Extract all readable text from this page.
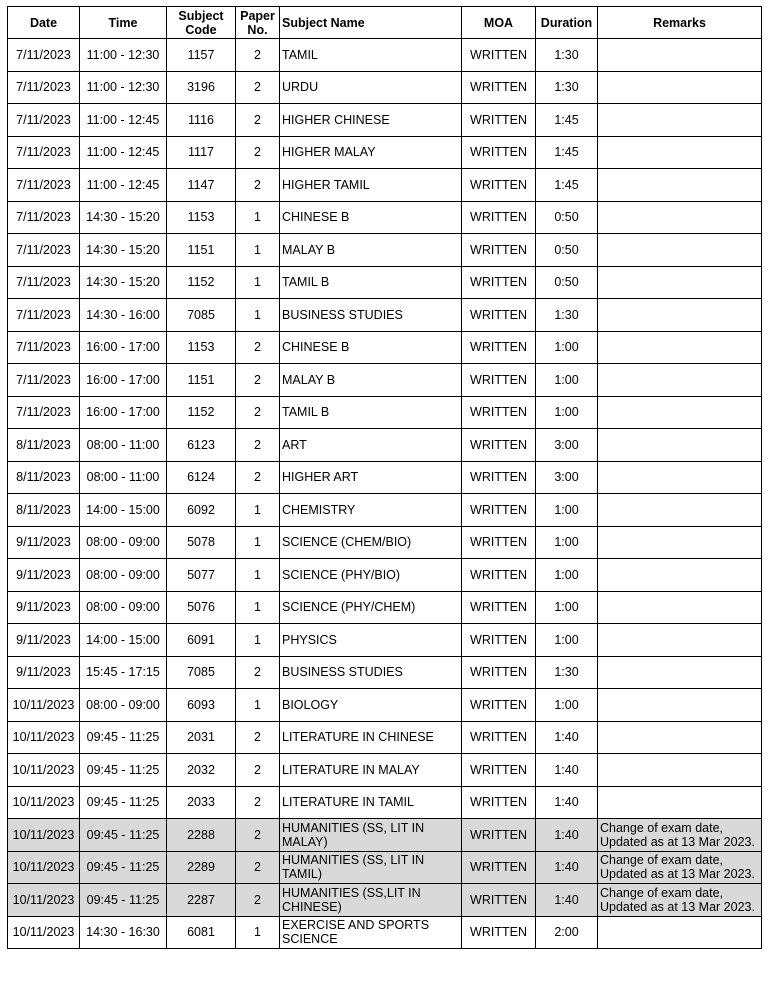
Date	Time	Subject Code	Paper No.	Subject Name	MOA	Duration	Remarks
7/11/2023	11:00 - 12:30	1157	2	TAMIL	WRITTEN	1:30	
7/11/2023	11:00 - 12:30	3196	2	URDU	WRITTEN	1:30	
7/11/2023	11:00 - 12:45	1116	2	HIGHER CHINESE	WRITTEN	1:45	
7/11/2023	11:00 - 12:45	1117	2	HIGHER MALAY	WRITTEN	1:45	
7/11/2023	11:00 - 12:45	1147	2	HIGHER TAMIL	WRITTEN	1:45	
7/11/2023	14:30 - 15:20	1153	1	CHINESE B	WRITTEN	0:50	
7/11/2023	14:30 - 15:20	1151	1	MALAY B	WRITTEN	0:50	
7/11/2023	14:30 - 15:20	1152	1	TAMIL B	WRITTEN	0:50	
7/11/2023	14:30 - 16:00	7085	1	BUSINESS STUDIES	WRITTEN	1:30	
7/11/2023	16:00 - 17:00	1153	2	CHINESE B	WRITTEN	1:00	
7/11/2023	16:00 - 17:00	1151	2	MALAY B	WRITTEN	1:00	
7/11/2023	16:00 - 17:00	1152	2	TAMIL B	WRITTEN	1:00	
8/11/2023	08:00 - 11:00	6123	2	ART	WRITTEN	3:00	
8/11/2023	08:00 - 11:00	6124	2	HIGHER ART	WRITTEN	3:00	
8/11/2023	14:00 - 15:00	6092	1	CHEMISTRY	WRITTEN	1:00	
9/11/2023	08:00 - 09:00	5078	1	SCIENCE (CHEM/BIO)	WRITTEN	1:00	
9/11/2023	08:00 - 09:00	5077	1	SCIENCE (PHY/BIO)	WRITTEN	1:00	
9/11/2023	08:00 - 09:00	5076	1	SCIENCE (PHY/CHEM)	WRITTEN	1:00	
9/11/2023	14:00 - 15:00	6091	1	PHYSICS	WRITTEN	1:00	
9/11/2023	15:45 - 17:15	7085	2	BUSINESS STUDIES	WRITTEN	1:30	
10/11/2023	08:00 - 09:00	6093	1	BIOLOGY	WRITTEN	1:00	
10/11/2023	09:45 - 11:25	2031	2	LITERATURE IN CHINESE	WRITTEN	1:40	
10/11/2023	09:45 - 11:25	2032	2	LITERATURE IN MALAY	WRITTEN	1:40	
10/11/2023	09:45 - 11:25	2033	2	LITERATURE IN TAMIL	WRITTEN	1:40	
10/11/2023	09:45 - 11:25	2288	2	HUMANITIES (SS, LIT IN MALAY)	WRITTEN	1:40	Change of exam date, Updated as at 13 Mar 2023.
10/11/2023	09:45 - 11:25	2289	2	HUMANITIES (SS, LIT IN TAMIL)	WRITTEN	1:40	Change of exam date, Updated as at 13 Mar 2023.
10/11/2023	09:45 - 11:25	2287	2	HUMANITIES (SS,LIT IN CHINESE)	WRITTEN	1:40	Change of exam date, Updated as at 13 Mar 2023.
10/11/2023	14:30 - 16:30	6081	1	EXERCISE AND SPORTS SCIENCE	WRITTEN	2:00	
